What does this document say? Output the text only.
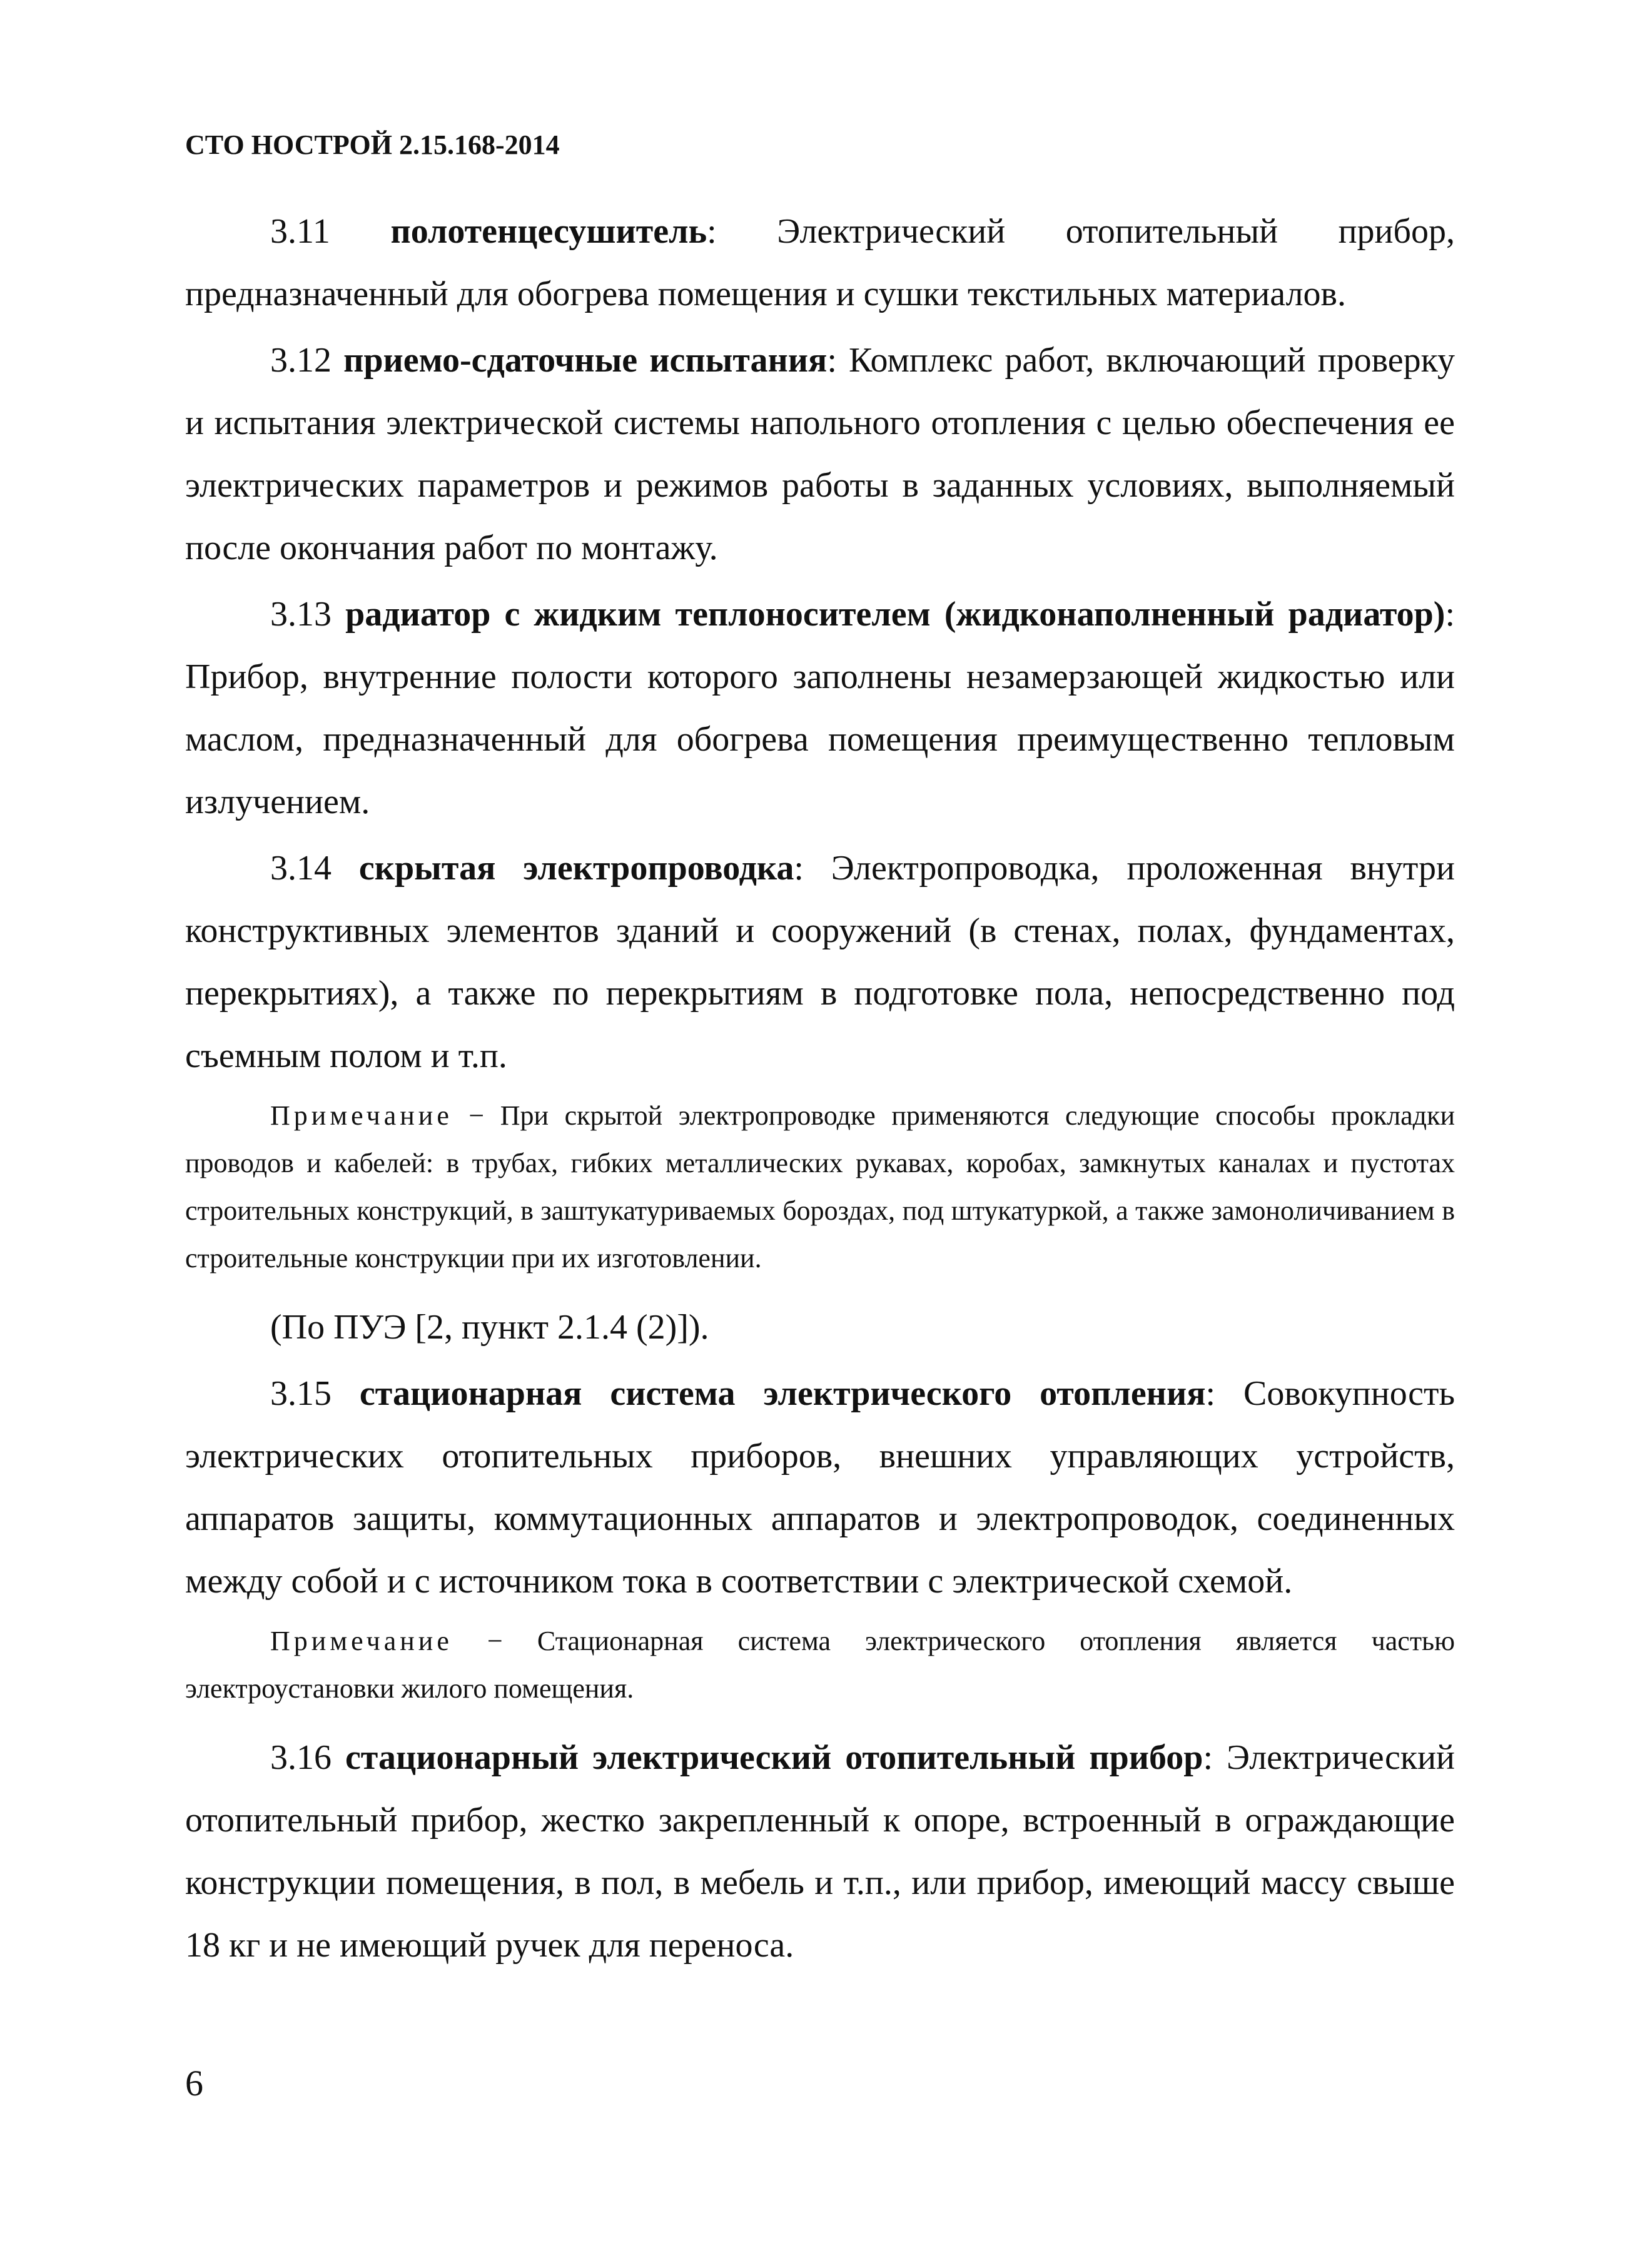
СТО НОСТРОЙ 2.15.168-2014

3.11 полотенцесушитель: Электрический отопительный прибор, предназначенный для обогрева помещения и сушки текстильных материалов.

3.12 приемо-сдаточные испытания: Комплекс работ, включающий проверку и испытания электрической системы напольного отопления с целью обеспечения ее электрических параметров и режимов работы в заданных условиях, выполняемый после окончания работ по монтажу.

3.13 радиатор с жидким теплоносителем (жидконаполненный радиатор): Прибор, внутренние полости которого заполнены незамерзающей жидкостью или маслом, предназначенный для обогрева помещения преимущественно тепловым излучением.

3.14 скрытая электропроводка: Электропроводка, проложенная внутри конструктивных элементов зданий и сооружений (в стенах, полах, фундаментах, перекрытиях), а также по перекрытиям в подготовке пола, непосредственно под съемным полом и т.п.

Примечание − При скрытой электропроводке применяются следующие способы прокладки проводов и кабелей: в трубах, гибких металлических рукавах, коробах, замкнутых каналах и пустотах строительных конструкций, в заштукатуриваемых бороздах, под штукатуркой, а также замоноличиванием в строительные конструкции при их изготовлении.

(По ПУЭ [2, пункт 2.1.4 (2)]).

3.15 стационарная система электрического отопления: Совокупность электрических отопительных приборов, внешних управляющих устройств, аппаратов защиты, коммутационных аппаратов и электропроводок, соединенных между собой и с источником тока в соответствии с электрической схемой.

Примечание − Стационарная система электрического отопления является частью электроустановки жилого помещения.

3.16 стационарный электрический отопительный прибор: Электрический отопительный прибор, жестко закрепленный к опоре, встроенный в ограждающие конструкции помещения, в пол, в мебель и т.п., или прибор, имеющий массу свыше 18 кг и не имеющий ручек для переноса.

6
